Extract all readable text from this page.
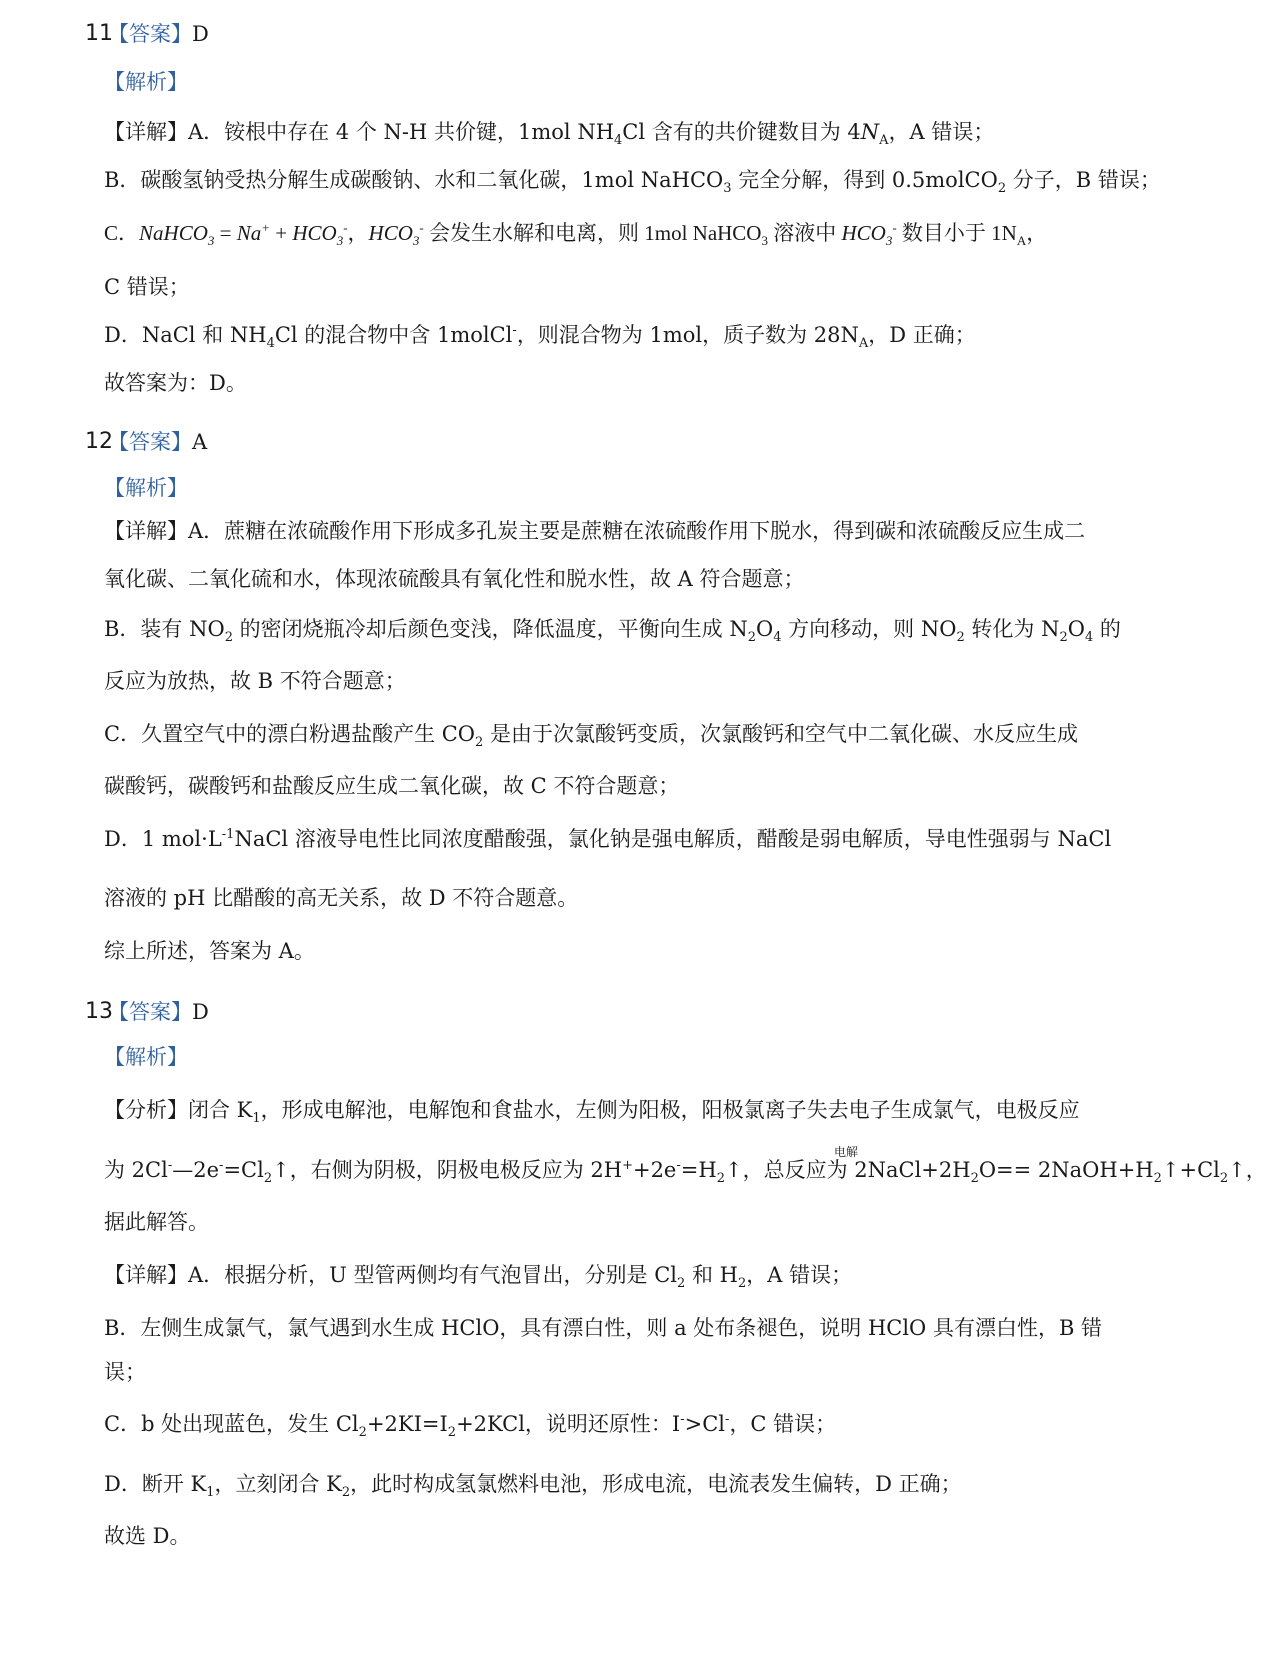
11
【答案】D
【解析】
【详解】A．铵根中存在 4 个 N-H 共价键，1mol $NH_4Cl$ 含有的共价键数目为 $4N_A$，A 错误；
B．碳酸氢钠受热分解生成碳酸钠、水和二氧化碳，1mol NaHCO$_3$ 完全分解，得到 0.5molCO$_2$ 分子，B 错误；
C．NaHCO$_3$ = $Na^+ + HCO_3^-$，$HCO_3^-$ 会发生水解和电离，则 1mol NaHCO$_3$ 溶液中 $HCO_3^-$ 数目小于 $1N_A$，
C 错误；
D．NaCl 和 $NH_4Cl$ 的混合物中含 1molCl-，则混合物为 1mol，质子数为 $28N_A$，D 正确；
故答案为：D。
12
【答案】A
【解析】
【详解】A．蔗糖在浓硫酸作用下形成多孔炭主要是蔗糖在浓硫酸作用下脱水，得到碳和浓硫酸反应生成二
氧化碳、二氧化硫和水，体现浓硫酸具有氧化性和脱水性，故 A 符合题意；
B．装有 $NO_2$ 的密闭烧瓶冷却后颜色变浅，降低温度，平衡向生成 $N_2O_4$ 方向移动，则 $NO_2$ 转化为 $N_2O_4$ 的
反应为放热，故 B 不符合题意；
C．久置空气中的漂白粉遇盐酸产生 $CO_2$ 是由于次氯酸钙变质，次氯酸钙和空气中二氧化碳、水反应生成
碳酸钙，碳酸钙和盐酸反应生成二氧化碳，故 C 不符合题意；
D．1 $mol\cdot L^{-1}NaCl$ 溶液导电性比同浓度醋酸强，氯化钠是强电解质，醋酸是弱电解质，导电性强弱与 NaCl
溶液的 pH 比醋酸的高无关系，故 D 不符合题意。
综上所述，答案为 A。
13
【答案】D
【解析】
【分析】闭合 $K_1$，形成电解池，电解饱和食盐水，左侧为阳极，阳极氯离子失去电子生成氯气，电极反应
电解
为 $2Cl^-—2e^-=Cl_2↑$，右侧为阴极，阴极电极反应为 $2H^++2e^-=H_2↑$，总反应为 $2NaCl+2H_2O==$ $2NaOH+H_2↑+Cl_2↑$，
据此解答。
【详解】A．根据分析，U 型管两侧均有气泡冒出，分别是 $Cl_2$ 和 $H_2$，A 错误；
B．左侧生成氯气，氯气遇到水生成 HClO，具有漂白性，则 a 处布条褪色，说明 HClO 具有漂白性，B 错
误；
C．b 处出现蓝色，发生 $Cl_2+2KI=I_2+2KCl$，说明还原性：I->Cl-，C 错误；
D．断开 $K_1$，立刻闭合 $K_2$，此时构成氢氯燃料电池，形成电流，电流表发生偏转，D 正确；
故选 D。
